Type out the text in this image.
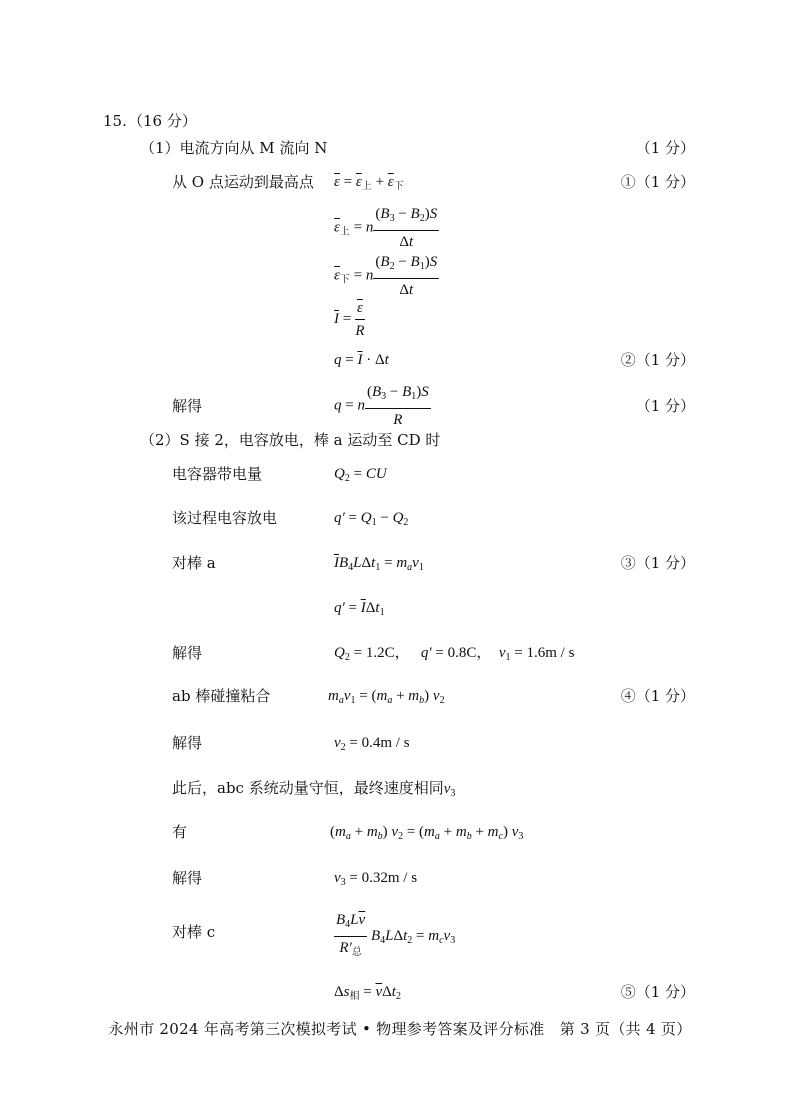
15. （16 分）
（1）电流方向从 M 流向 N	（1 分）
从 O 点运动到最高点 $\overline{\varepsilon} = \overline{\varepsilon}_上 + \overline{\varepsilon}_下$	①（1 分）
$\overline{\varepsilon}_上 = n \frac{(B_3 - B_2)S}{\Delta t}$
$\overline{\varepsilon}_下 = n \frac{(B_2 - B_1)S}{\Delta t}$
$\overline{I} = \frac{\overline{\varepsilon}}{R}$
$q = \overline{I} \cdot \Delta t$	②（1 分）
解得	q = n $\frac{(B_3 - B_1)S}{R}$	（1 分）
（2）S 接 2，电容放电，棒 a 运动至 CD 时
电容器带电量	$Q_2$ = CU
该过程电容放电	$q' = Q_1 - Q_2$
对棒 a	$\overline{I}B_4L\Delta t_1 = m_av_1$	③（1 分）
$q' = \overline{I}\Delta t_1$
解得	$Q_2 = 1.2C$，　 q′ = 0.8C，　$v_1 = 1.6m / s$
ab 棒碰撞粘合	$m_av_1 = (m_a + m_b)$ $v_2$	④（1 分）
解得	$v_2 = 0.4m / s$
此后，abc 系统动量守恒，最终速度相同$v_3$
有	$(m_a + m_b) v_2 = (m_a + m_b + m_c)$ $v_3$
解得	$v_3 = 0.32m / s$
对棒 c	$\frac{B_4L\overline{v}}{R'_总} B_4L\Delta t_2 = m_cv_3$
$\Delta s_相 = \overline{v}\Delta t_2$	⑤（1 分）
永州市 2024 年高考第三次模拟考试 • 物理参考答案及评分标准　第 3 页（共 4 页）
